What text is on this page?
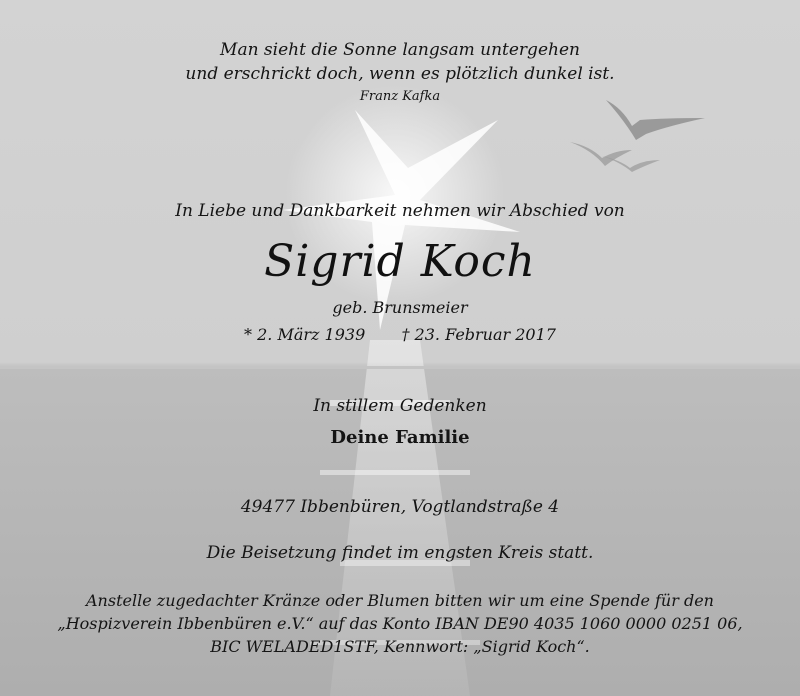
Man sieht die Sonne langsam untergehen
und erschrickt doch, wenn es plötzlich dunkel ist.
Franz Kafka
In Liebe und Dankbarkeit nehmen wir Abschied von
Sigrid Koch
geb. Brunsmeier
* 2. März 1939 † 23. Februar 2017
In stillem Gedenken
Deine Familie
49477 Ibbenbüren, Vogtlandstraße 4
Die Beisetzung findet im engsten Kreis statt.
Anstelle zugedachter Kränze oder Blumen bitten wir um eine Spende für den
„Hospizverein Ibbenbüren e.V.“ auf das Konto IBAN DE90 4035 1060 0000 0251 06,
BIC WELADED1STF, Kennwort: „Sigrid Koch“.
